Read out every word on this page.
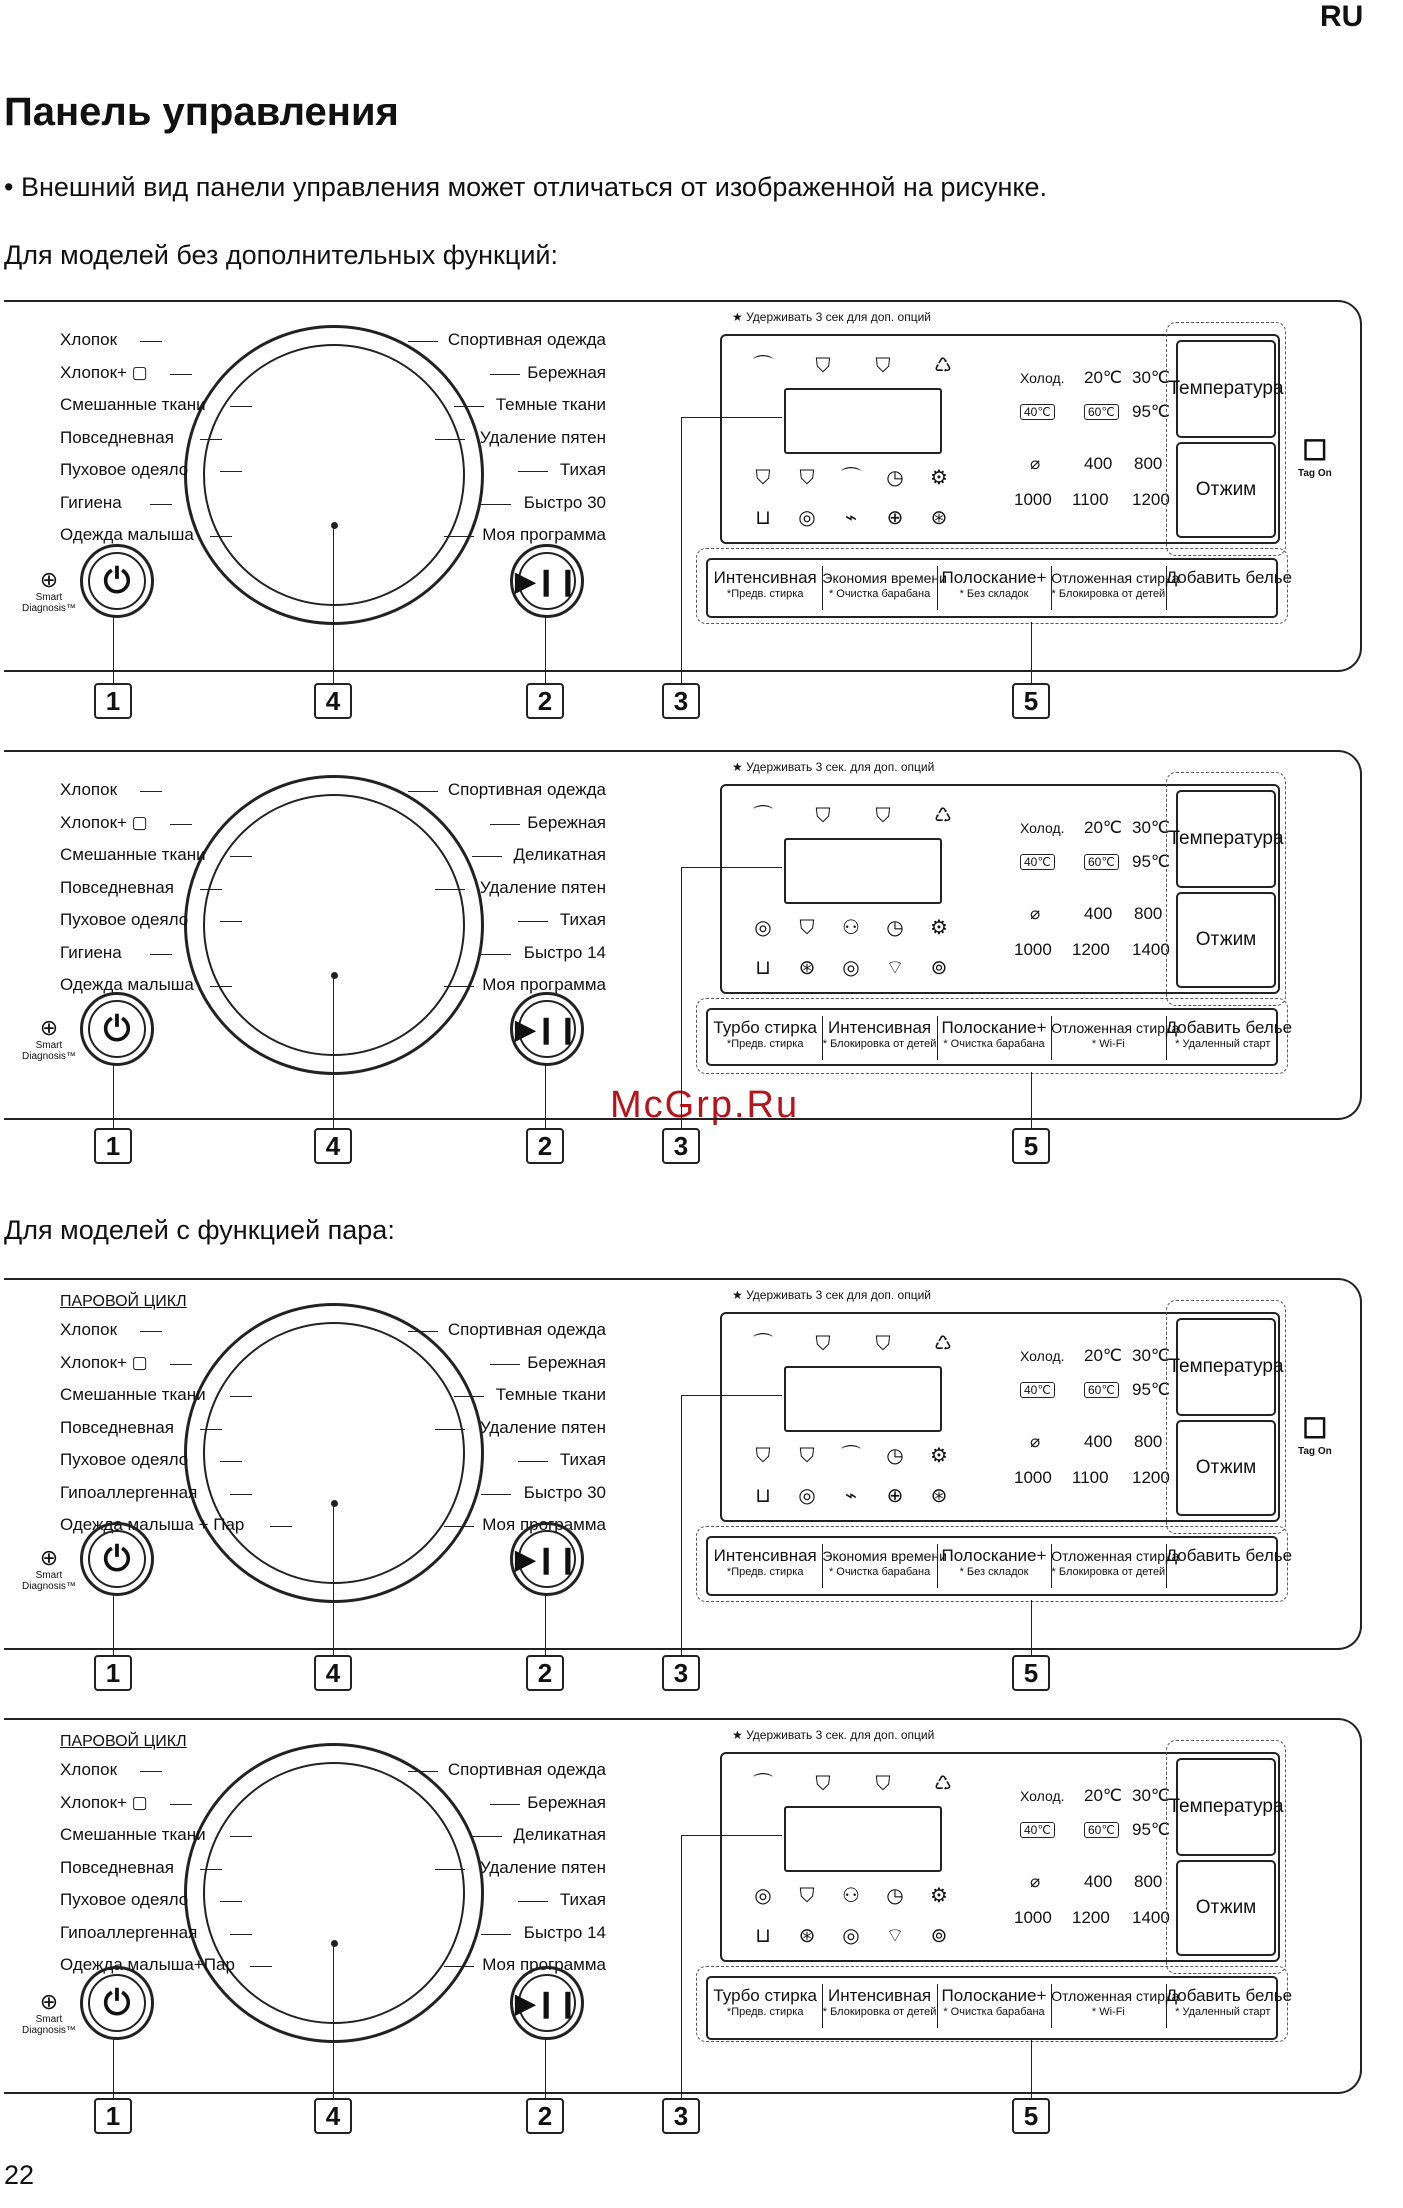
RU
Панель управления
• Внешний вид панели управления может отличаться от изображенной на рисунке.
Для моделей без дополнительных функций:
Для моделей с функцией пара:
McGrp.Ru
22
Хлопок
Хлопок+ ▢
Смешанные ткани
Повседневная
Пуховое одеяло
Гигиена
Одежда малыша
Спортивная одежда
Бережная
Темные ткани
Удаление пятен
Тихая
Быстро 30
Моя программа
⏻	▶❙❙
⊕
Smart
Diagnosis™
★ Удерживать 3 сек для доп. опций
⌒ ⛉ ⛉ ♺
⛉ ⛉ ⌒ ◷ ⚙
⊔ ◎	⌁	⊕ ⊛
Холод. 20℃ 30℃
40℃	60℃ 95℃
⌀	400 800
1000 1100 1200
Температура
Отжим
☐
Tag On
Интенсивная
*Предв. стирка
Экономия времени
* Очистка барабана
Полоскание+
* Без складок
Отложенная стирка
* Блокировка от детей
Добавить белье
1	4	2	3	5
Хлопок
Хлопок+ ▢
Смешанные ткани
Повседневная
Пуховое одеяло
Гигиена
Одежда малыша
Спортивная одежда
Бережная
Деликатная
Удаление пятен
Тихая
Быстро 14
Моя программа
⏻	▶❙❙
⊕
Smart
Diagnosis™
★ Удерживать 3 сек. для доп. опций
⌒ ⛉ ⛉ ♺
◎ ⛉ ⚇ ◷ ⚙
⊔ ⊛ ◎ ⌔ ⊚
Холод. 20℃ 30℃
40℃	60℃ 95℃
⌀	400 800
1000 1200 1400
Температура
Отжим
Турбо стирка
*Предв. стирка
Интенсивная
* Блокировка от детей
Полоскание+
* Очистка барабана
Отложенная стирка
* Wi-Fi
Добавить белье
* Удаленный старт
1	4	2	3	5
ПАРОВОЙ ЦИКЛ
Хлопок
Хлопок+ ▢
Смешанные ткани
Повседневная
Пуховое одеяло
Гипоаллергенная
Одежда малыша + Пар
Спортивная одежда
Бережная
Темные ткани
Удаление пятен
Тихая
Быстро 30
Моя программа
⏻	▶❙❙
⊕
Smart
Diagnosis™
★ Удерживать 3 сек для доп. опций
⌒ ⛉ ⛉ ♺
⛉ ⛉ ⌒ ◷ ⚙
⊔ ◎	⌁	⊕ ⊛
Холод. 20℃ 30℃
40℃	60℃ 95℃
⌀	400 800
1000 1100 1200
Температура
Отжим
☐
Tag On
Интенсивная
*Предв. стирка
Экономия времени
* Очистка барабана
Полоскание+
* Без складок
Отложенная стирка
* Блокировка от детей
Добавить белье
1	4	2	3	5
ПАРОВОЙ ЦИКЛ
Хлопок
Хлопок+ ▢
Смешанные ткани
Повседневная
Пуховое одеяло
Гипоаллергенная
Одежда малыша+Пар
Спортивная одежда
Бережная
Деликатная
Удаление пятен
Тихая
Быстро 14
Моя программа
⏻	▶❙❙
⊕
Smart
Diagnosis™
★ Удерживать 3 сек. для доп. опций
⌒ ⛉ ⛉ ♺
◎ ⛉ ⚇ ◷ ⚙
⊔ ⊛ ◎ ⌔ ⊚
Холод. 20℃ 30℃
40℃	60℃ 95℃
⌀	400 800
1000 1200 1400
Температура
Отжим
Турбо стирка
*Предв. стирка
Интенсивная
* Блокировка от детей
Полоскание+
* Очистка барабана
Отложенная стирка
* Wi-Fi
Добавить белье
* Удаленный старт
1	4	2	3	5
